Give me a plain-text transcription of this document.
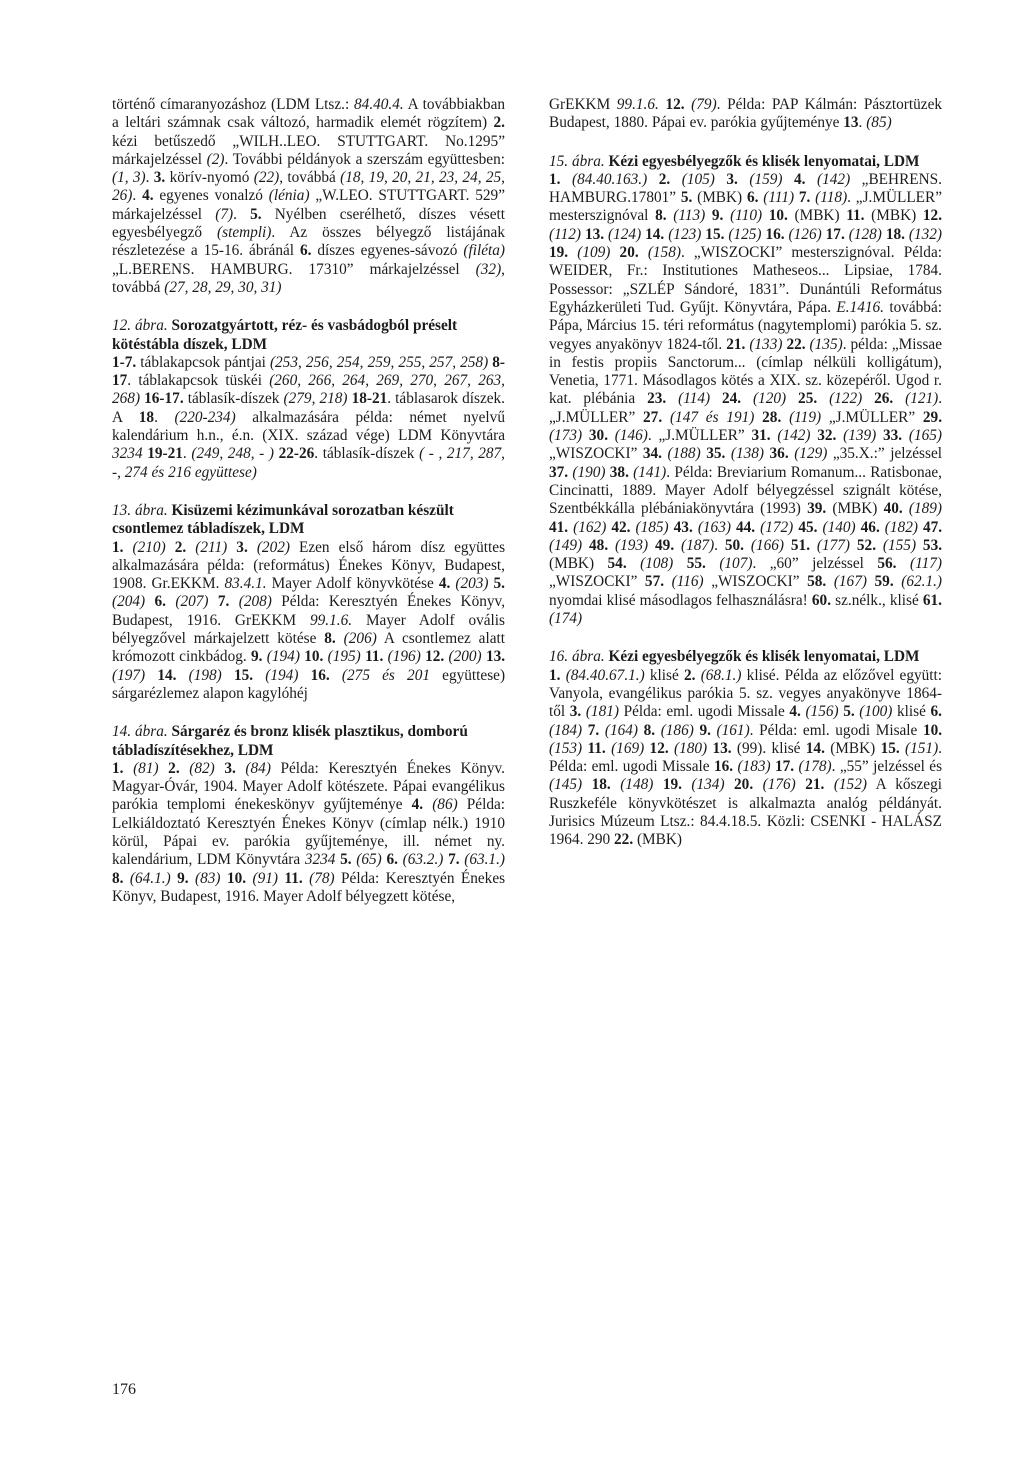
történő címaranyozáshoz (LDM Ltsz.: 84.40.4. A továbbiakban a leltári számnak csak változó, harmadik elemét rögzítem) 2. kézi betűszedő „WILH..LEO. STUTTGART. No.1295” márkajelzéssel (2). További példányok a szerszám együttesben: (1, 3). 3. körív-nyomó (22), továbbá (18, 19, 20, 21, 23, 24, 25, 26). 4. egyenes vonalzó (lénia) „W.LEO. STUTTGART. 529” márkajelzéssel (7). 5. Nyélben cserélhető, díszes vésett egyesbélyegző (stempli). Az összes bélyegző listájának részletezése a 15-16. ábránál 6. díszes egyenes-sávozó (filéta) „L.BERENS. HAMBURG. 17310” márkajelzéssel (32), továbbá (27, 28, 29, 30, 31)

12. ábra. Sorozatgyártott, réz- és vasbádogból préselt kötéstábla díszek, LDM

1-7. táblakapcsok pántjai (253, 256, 254, 259, 255, 257, 258) 8-17. táblakapcsok tüskéi (260, 266, 264, 269, 270, 267, 263, 268) 16-17. táblasík-díszek (279, 218) 18-21. táblasarok díszek. A 18. (220-234) alkalmazására példa: német nyelvű kalendárium h.n., é.n. (XIX. század vége) LDM Könyvtára 3234 19-21. (249, 248, - ) 22-26. táblasík-díszek ( - , 217, 287, -, 274 és 216 együttese)

13. ábra. Kisüzemi kézimunkával sorozatban készült csontlemez tábladíszek, LDM

1. (210) 2. (211) 3. (202) Ezen első három dísz együttes alkalmazására példa: (református) Énekes Könyv, Budapest, 1908. Gr.EKKM. 83.4.1. Mayer Adolf könyvkötése 4. (203) 5. (204) 6. (207) 7. (208) Példa: Keresztyén Énekes Könyv, Budapest, 1916. GrEKKM 99.1.6. Mayer Adolf ovális bélyegzővel márkajelzett kötése 8. (206) A csontlemez alatt krómozott cinkbádog. 9. (194) 10. (195) 11. (196) 12. (200) 13. (197) 14. (198) 15. (194) 16. (275 és 201 együttese) sárgarézlemez alapon kagylóhéj

14. ábra. Sárgaréz és bronz klisék plasztikus, domború tábladíszítésekhez, LDM

1. (81) 2. (82) 3. (84) Példa: Keresztyén Énekes Könyv. Magyar-Óvár, 1904. Mayer Adolf kötészete. Pápai evangélikus parókia templomi énekeskönyv gyűjteménye 4. (86) Példa: Lelkiáldoztató Keresztyén Énekes Könyv (címlap nélk.) 1910 körül, Pápai ev. parókia gyűjteménye, ill. német ny. kalendárium, LDM Könyvtára 3234 5. (65) 6. (63.2.) 7. (63.1.) 8. (64.1.) 9. (83) 10. (91) 11. (78) Példa: Keresztyén Énekes Könyv, Budapest, 1916. Mayer Adolf bélyegzett kötése,

GrEKKM 99.1.6. 12. (79). Példa: PAP Kálmán: Pásztortüzek Budapest, 1880. Pápai ev. parókia gyűjteménye 13. (85)

15. ábra. Kézi egyesbélyegzők és klisék lenyomatai, LDM

1. (84.40.163.) 2. (105) 3. (159) 4. (142) „BEHRENS. HAMBURG.17801” 5. (MBK) 6. (111) 7. (118). „J.MÜLLER” mesterszignóval 8. (113) 9. (110) 10. (MBK) 11. (MBK) 12. (112) 13. (124) 14. (123) 15. (125) 16. (126) 17. (128) 18. (132) 19. (109) 20. (158). „WISZOCKI” mesterszignóval. Példa: WEIDER, Fr.: Institutiones Matheseos... Lipsiae, 1784. Possessor: „SZLÉP Sándoré, 1831”. Dunántúli Református Egyházkerületi Tud. Gyűjt. Könyvtára, Pápa. E.1416. továbbá: Pápa, Március 15. téri református (nagytemplomi) parókia 5. sz. vegyes anyakönyv 1824-től. 21. (133) 22. (135). példa: „Missae in festis propiis Sanctorum... (címlap nélküli kolligátum), Venetia, 1771. Másodlagos kötés a XIX. sz. közepéről. Ugod r. kat. plébánia 23. (114) 24. (120) 25. (122) 26. (121). „J.MÜLLER” 27. (147 és 191) 28. (119) „J.MÜLLER” 29. (173) 30. (146). „J.MÜLLER” 31. (142) 32. (139) 33. (165) „WISZOCKI” 34. (188) 35. (138) 36. (129) „35.X.:” jelzéssel 37. (190) 38. (141). Példa: Breviarium Romanum... Ratisbonae, Cincinatti, 1889. Mayer Adolf bélyegzéssel szignált kötése, Szentbékkálla plébániakönyvtára (1993) 39. (MBK) 40. (189) 41. (162) 42. (185) 43. (163) 44. (172) 45. (140) 46. (182) 47. (149) 48. (193) 49. (187). 50. (166) 51. (177) 52. (155) 53. (MBK) 54. (108) 55. (107). „60” jelzéssel 56. (117) „WISZOCKI” 57. (116) „WISZOCKI” 58. (167) 59. (62.1.) nyomdai klisé másodlagos felhasználásra! 60. sz.nélk., klisé 61. (174)

16. ábra. Kézi egyesbélyegzők és klisék lenyomatai, LDM

1. (84.40.67.1.) klisé 2. (68.1.) klisé. Példa az előzővel együtt: Vanyola, evangélikus parókia 5. sz. vegyes anyakönyve 1864-től 3. (181) Példa: eml. ugodi Missale 4. (156) 5. (100) klisé 6. (184) 7. (164) 8. (186) 9. (161). Példa: eml. ugodi Misale 10. (153) 11. (169) 12. (180) 13. (99). klisé 14. (MBK) 15. (151). Példa: eml. ugodi Missale 16. (183) 17. (178). „55” jelzéssel és (145) 18. (148) 19. (134) 20. (176) 21. (152) A kőszegi Ruszkeféle könyvkötészet is alkalmazta analóg példányát. Jurisics Múzeum Ltsz.: 84.4.18.5. Közli: CSENKI - HALÁSZ 1964. 290 22. (MBK)

176
